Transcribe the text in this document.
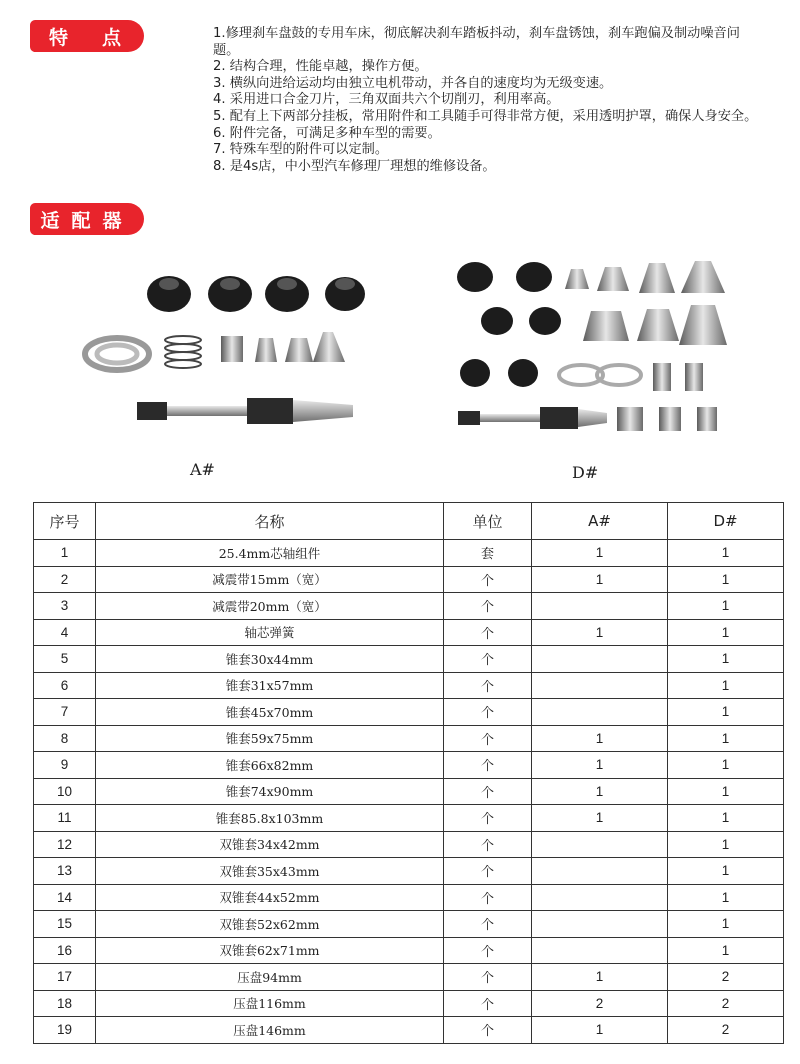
特点	1.修理刹车盘鼓的专用车床，彻底解决刹车踏板抖动，刹车盘锈蚀，刹车跑偏及制动噪音问题。
2. 结构合理，性能卓越，操作方便。
3. 横纵向进给运动均由独立电机带动，并各自的速度均为无级变速。
4. 采用进口合金刀片，三角双面共六个切削刃，利用率高。
5. 配有上下两部分挂板，常用附件和工具随手可得非常方便，采用透明护罩，确保人身安全。
6. 附件完备，可满足多种车型的需要。
7. 特殊车型的附件可以定制。
8. 是4s店，中小型汽车修理厂理想的维修设备。
适配器
A#	D#
序号	名称	单位	A#	D#
1	25.4mm芯轴组件	套	1	1
2	减震带15mm（宽）	个	1	1
3	减震带20mm（宽）	个		1
4	轴芯弹簧	个	1	1
5	锥套30x44mm	个		1
6	锥套31x57mm	个		1
7	锥套45x70mm	个		1
8	锥套59x75mm	个	1	1
9	锥套66x82mm	个	1	1
10	锥套74x90mm	个	1	1
11	锥套85.8x103mm	个	1	1
12	双锥套34x42mm	个		1
13	双锥套35x43mm	个		1
14	双锥套44x52mm	个		1
15	双锥套52x62mm	个		1
16	双锥套62x71mm	个		1
17	压盘94mm	个	1	2
18	压盘116mm	个	2	2
19	压盘146mm	个	1	2
